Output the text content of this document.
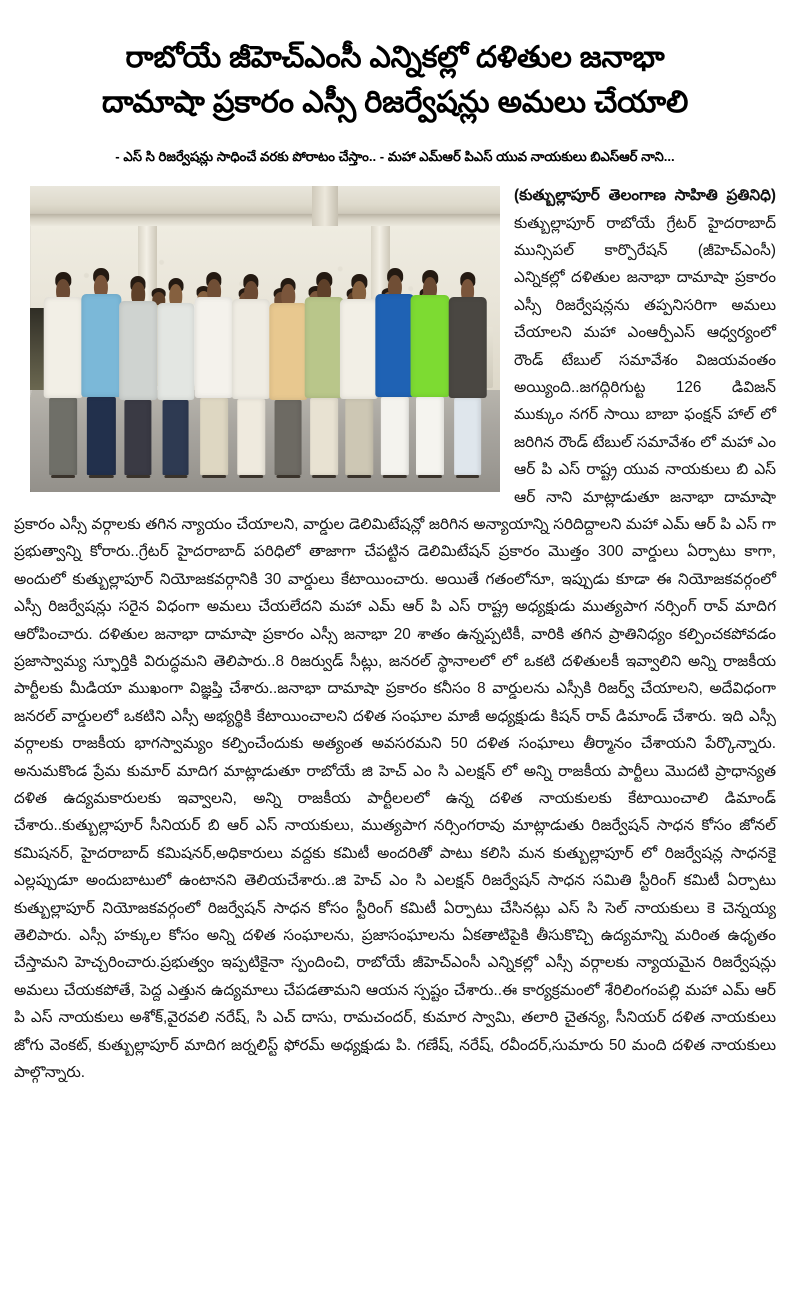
రాబోయే జీహెచ్ఎంసీ ఎన్నికల్లో దళితుల జనాభా
దామాషా ప్రకారం ఎస్సీ రిజర్వేషన్లు అమలు చేయాలి
- ఎస్ సి రిజర్వేషన్లు సాధించే వరకు పోరాటం చేస్తాం.. - మహా ఎమ్ఆర్ పిఎస్ యువ నాయకులు బిఎస్ఆర్ నాని...

(కుత్బుల్లాపూర్ తెలంగాణ సాహితి ప్రతినిధి) కుత్బుల్లాపూర్ రాబోయే గ్రేటర్ హైదరాబాద్ మున్సిపల్ కార్పొరేషన్ (జీహెచ్ఎంసీ) ఎన్నికల్లో దళితుల జనాభా దామాషా ప్రకారం ఎస్సీ రిజర్వేషన్లను తప్పనిసరిగా అమలు చేయాలని మహా ఎంఆర్పీఎస్ ఆధ్వర్యంలో రౌండ్ టేబుల్ సమావేశం విజయవంతం అయ్యింది..జగద్గిరిగుట్ట 126 డివిజన్ ముక్కుం నగర్ సాయి బాబా ఫంక్షన్ హాల్ లో జరిగిన రౌండ్ టేబుల్ సమావేశం లో మహా ఎం ఆర్ పి ఎస్ రాష్ట్ర యువ నాయకులు బి ఎస్ ఆర్ నాని మాట్లాడుతూ జనాభా దామాషా ప్రకారం ఎస్సీ వర్గాలకు తగిన న్యాయం చేయాలని, వార్డుల డెలిమిటేషన్లో జరిగిన అన్యాయాన్ని సరిదిద్దాలని మహా ఎమ్ ఆర్ పి ఎస్ గా ప్రభుత్వాన్ని కోరారు..గ్రేటర్ హైదరాబాద్ పరిధిలో తాజాగా చేపట్టిన డెలిమిటేషన్ ప్రకారం మొత్తం 300 వార్డులు ఏర్పాటు కాగా, అందులో కుత్బుల్లాపూర్ నియోజకవర్గానికి 30 వార్డులు కేటాయించారు. అయితే గతంలోనూ, ఇప్పుడు కూడా ఈ నియోజకవర్గంలో ఎస్సీ రిజర్వేషన్లు సరైన విధంగా అమలు చేయలేదని మహా ఎమ్ ఆర్ పి ఎస్ రాష్ట్ర అధ్యక్షుడు ముత్యపాగ నర్సింగ్ రావ్ మాదిగ ఆరోపించారు. దళితుల జనాభా దామాషా ప్రకారం ఎస్సీ జనాభా 20 శాతం ఉన్నప్పటికీ, వారికి తగిన ప్రాతినిధ్యం కల్పించకపోవడం ప్రజాస్వామ్య స్ఫూర్తికి విరుద్ధమని తెలిపారు..8 రిజర్వుడ్ సీట్లు, జనరల్ స్థానాలలో లో ఒకటి దళితులకీ ఇవ్వాలిని అన్ని రాజకీయ పార్టీలకు మీడియా ముఖంగా విజ్ఞప్తి చేశారు..జనాభా దామాషా ప్రకారం కనీసం 8 వార్డులను ఎస్సీకి రిజర్వ్ చేయాలని, అదేవిధంగా జనరల్ వార్డులలో ఒకటిని ఎస్సీ అభ్యర్థికి కేటాయించాలని దళిత సంఘాల మాజీ అధ్యక్షుడు కిషన్ రావ్ డిమాండ్ చేశారు. ఇది ఎస్సీ వర్గాలకు రాజకీయ భాగస్వామ్యం కల్పించేందుకు అత్యంత అవసరమని 50 దళిత సంఘాలు తీర్మానం చేశాయని పేర్కొన్నారు. అనుమకొండ ప్రేమ కుమార్ మాదిగ మాట్లాడుతూ రాబోయే జి హెచ్ ఎం సి ఎలక్షన్ లో అన్ని రాజకీయ పార్టీలు మొదటి ప్రాధాన్యత దళిత ఉద్యమకారులకు ఇవ్వాలని, అన్ని రాజకీయ పార్టీలలలో ఉన్న దళిత నాయకులకు కేటాయించాలి డిమాండ్ చేశారు..కుత్బుల్లాపూర్ సీనియర్ బి ఆర్ ఎస్ నాయకులు, ముత్యపాగ నర్సింగరావు మాట్లాడుతు రిజర్వేషన్ సాధన కోసం జోనల్ కమిషనర్, హైదరాబాద్ కమిషనర్,అధికారులు వద్దకు కమిటీ అందరితో పాటు కలిసి మన కుత్బుల్లాపూర్ లో రిజర్వేషన్ల సాధనకై ఎల్లప్పుడూ అందుబాటులో ఉంటానని తెలియచేశారు..జి హెచ్ ఎం సి ఎలక్షన్ రిజర్వేషన్ సాధన సమితి స్టీరింగ్ కమిటీ ఏర్పాటు కుత్బుల్లాపూర్ నియోజకవర్గంలో రిజర్వేషన్ సాధన కోసం స్టీరింగ్ కమిటీ ఏర్పాటు చేసినట్లు ఎస్ సి సెల్ నాయకులు కె చెన్నయ్య తెలిపారు. ఎస్సీ హక్కుల కోసం అన్ని దళిత సంఘాలను, ప్రజాసంఘాలను ఏకతాటిపైకి తీసుకొచ్చి ఉద్యమాన్ని మరింత ఉధృతం చేస్తామని హెచ్చరించారు.ప్రభుత్వం ఇప్పటికైనా స్పందించి, రాబోయే జీహెచ్ఎంసీ ఎన్నికల్లో ఎస్సీ వర్గాలకు న్యాయమైన రిజర్వేషన్లు అమలు చేయకపోతే, పెద్ద ఎత్తున ఉద్యమాలు చేపడతామని ఆయన స్పష్టం చేశారు..ఈ కార్యక్రమంలో శేరిలింగంపల్లి మహా ఎమ్ ఆర్ పి ఎస్ నాయకులు అశోక్,వైరవలి నరేష్, సి ఎచ్ దాసు, రామచందర్, కుమార స్వామి, తలారి చైతన్య, సీనియర్ దళిత నాయకులు జోగు వెంకట్, కుత్బుల్లాపూర్ మాదిగ జర్నలిస్ట్ ఫోరమ్ అధ్యక్షుడు పి. గణేష్, నరేష్, రవీందర్,సుమారు 50 మంది దళిత నాయకులు పాల్గొన్నారు.
